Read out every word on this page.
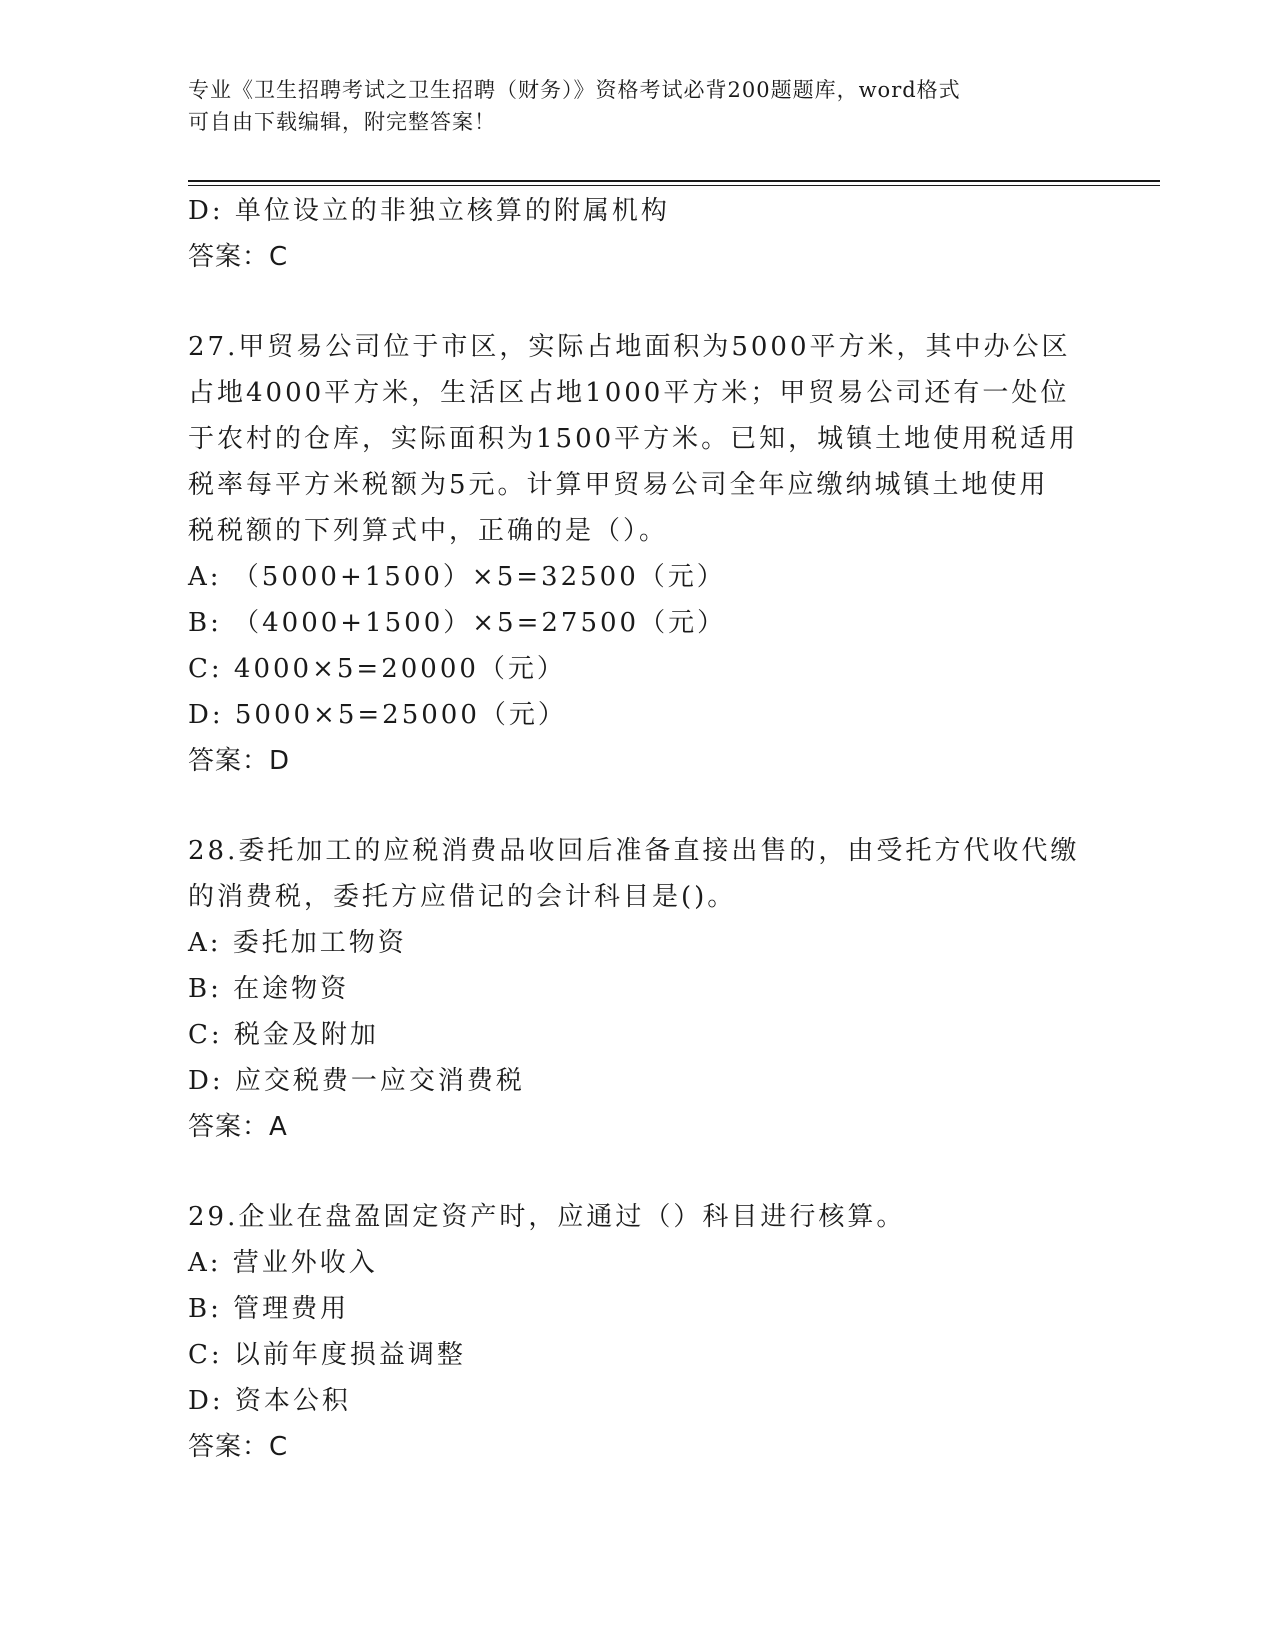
专业《卫生招聘考试之卫生招聘（财务）》资格考试必背200题题库，word格式
可自由下载编辑，附完整答案！
D: 单位设立的非独立核算的附属机构
答案：C
27.甲贸易公司位于市区，实际占地面积为5000平方米，其中办公区
占地4000平方米，生活区占地1000平方米；甲贸易公司还有一处位
于农村的仓库，实际面积为1500平方米。已知，城镇土地使用税适用
税率每平方米税额为5元。计算甲贸易公司全年应缴纳城镇土地使用
税税额的下列算式中，正确的是（）。
A: （5000+1500）×5=32500（元）
B: （4000+1500）×5=27500（元）
C: 4000×5=20000（元）
D: 5000×5=25000（元）
答案：D
28.委托加工的应税消费品收回后准备直接出售的，由受托方代收代缴
的消费税，委托方应借记的会计科目是()。
A: 委托加工物资
B: 在途物资
C: 税金及附加
D: 应交税费一应交消费税
答案：A
29.企业在盘盈固定资产时，应通过（）科目进行核算。
A: 营业外收入
B: 管理费用
C: 以前年度损益调整
D: 资本公积
答案：C
